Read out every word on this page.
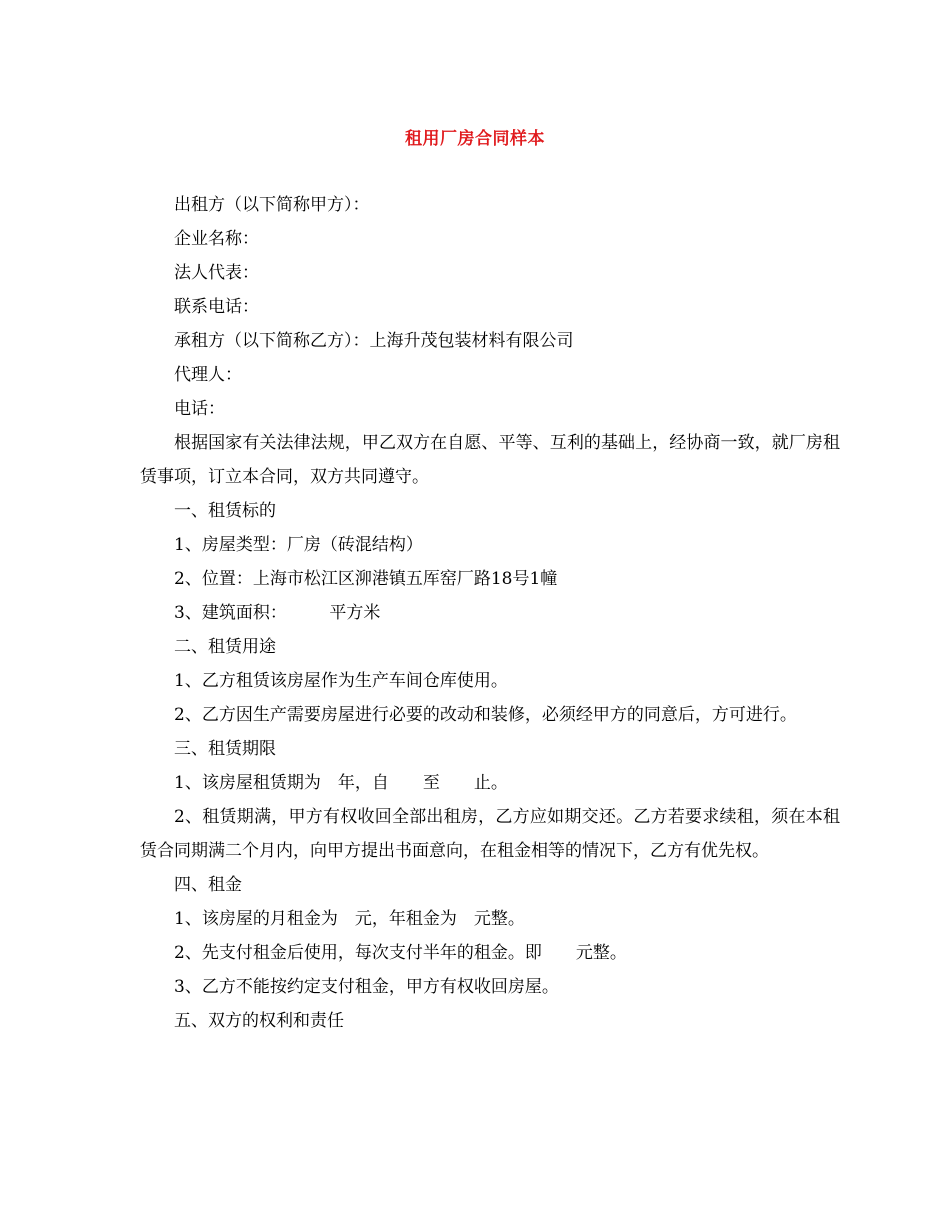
租用厂房合同样本

出租方（以下简称甲方）：

企业名称：

法人代表：

联系电话：

承租方（以下简称乙方）：上海升茂包装材料有限公司

代理人：

电话：

根据国家有关法律法规，甲乙双方在自愿、平等、互利的基础上，经协商一致，就厂房租赁事项，订立本合同，双方共同遵守。

一、租赁标的

1、房屋类型：厂房（砖混结构）

2、位置：上海市松江区泖港镇五厍窑厂路18号1幢

3、建筑面积：　　　平方米

二、租赁用途

1、乙方租赁该房屋作为生产车间仓库使用。

2、乙方因生产需要房屋进行必要的改动和装修，必须经甲方的同意后，方可进行。

三、租赁期限

1、该房屋租赁期为　年，自　　至　　止。

2、租赁期满，甲方有权收回全部出租房，乙方应如期交还。乙方若要求续租，须在本租赁合同期满二个月内，向甲方提出书面意向，在租金相等的情况下，乙方有优先权。

四、租金

1、该房屋的月租金为　元，年租金为　元整。

2、先支付租金后使用，每次支付半年的租金。即　　元整。

3、乙方不能按约定支付租金，甲方有权收回房屋。

五、双方的权利和责任
